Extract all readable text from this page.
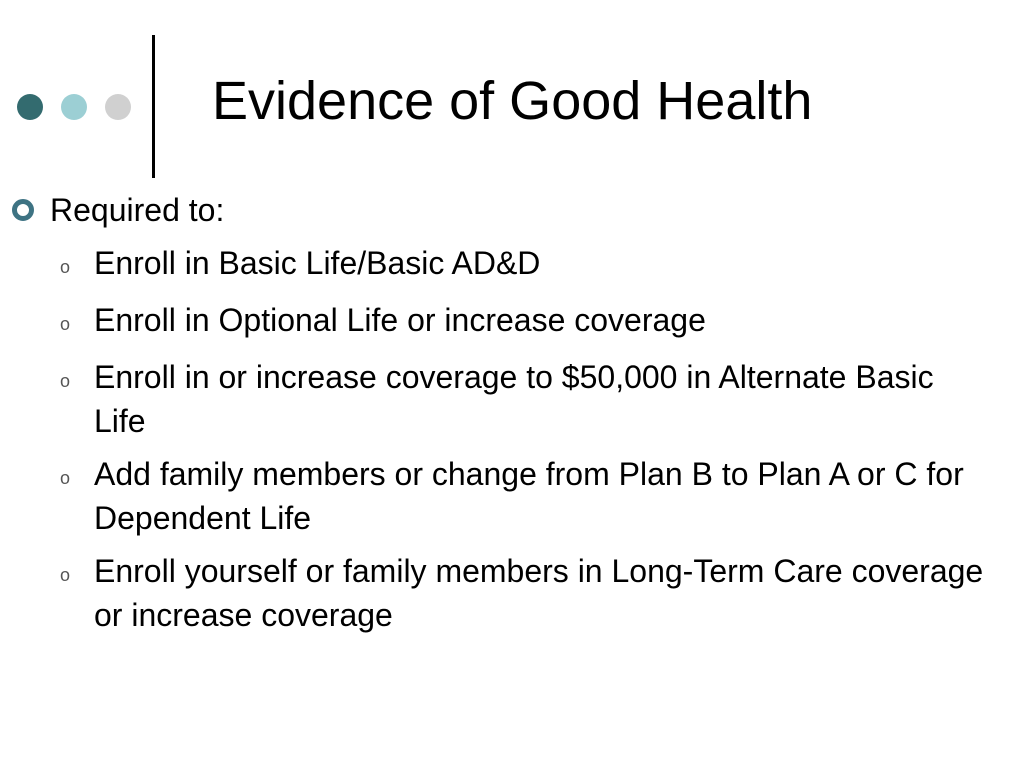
Evidence of Good Health
Required to:
o Enroll in Basic Life/Basic AD&D
o Enroll in Optional Life or increase coverage
o Enroll in or increase coverage to $50,000 in Alternate Basic Life
o Add family members or change from Plan B to Plan A or C for Dependent Life
o Enroll yourself or family members in Long-Term Care coverage or increase coverage
